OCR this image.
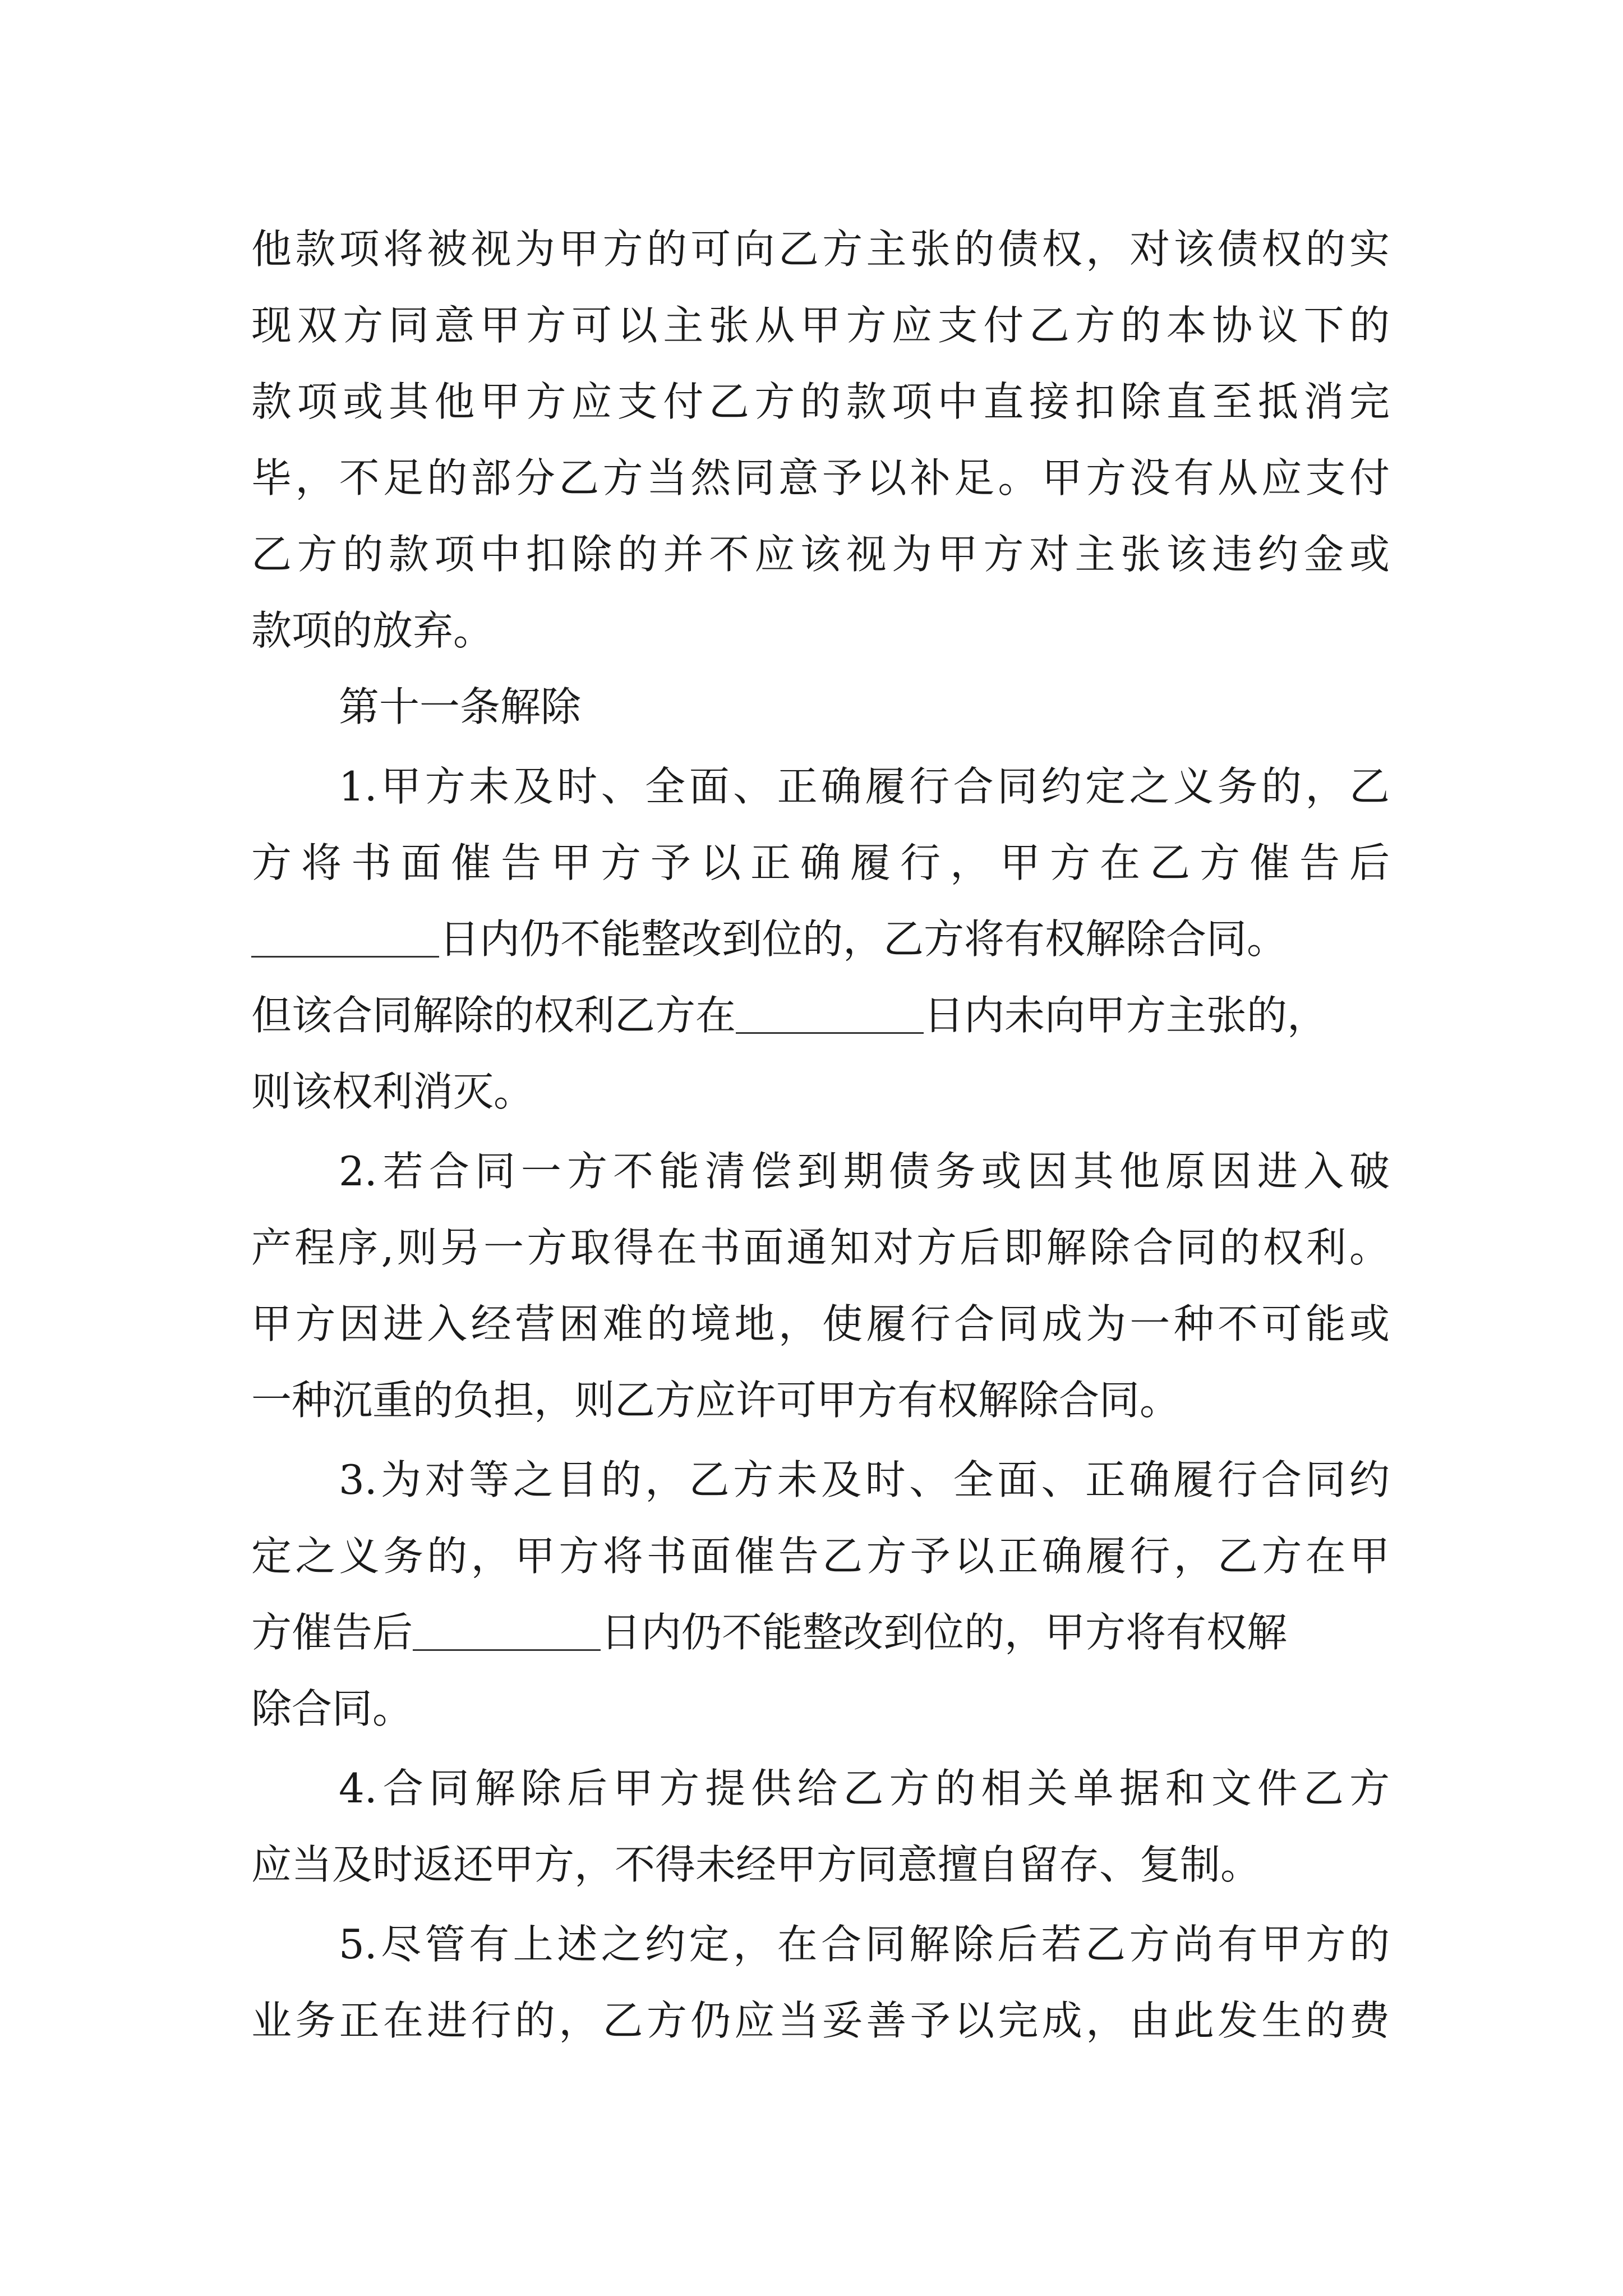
他款项将被视为甲方的可向乙方主张的债权，对该债权的实
现双方同意甲方可以主张从甲方应支付乙方的本协议下的
款项或其他甲方应支付乙方的款项中直接扣除直至抵消完
毕，不足的部分乙方当然同意予以补足。甲方没有从应支付
乙方的款项中扣除的并不应该视为甲方对主张该违约金或
款项的放弃。
第十一条解除
1.甲方未及时、全面、正确履行合同约定之义务的，乙
方将书面催告甲方予以正确履行，甲方在乙方催告后
日内仍不能整改到位的，乙方将有权解除合同。
但该合同解除的权利乙方在	日内未向甲方主张的，
则该权利消灭。
2.若合同一方不能清偿到期债务或因其他原因进入破
产程序,则另一方取得在书面通知对方后即解除合同的权利。
甲方因进入经营困难的境地，使履行合同成为一种不可能或
一种沉重的负担，则乙方应许可甲方有权解除合同。
3.为对等之目的，乙方未及时、全面、正确履行合同约
定之义务的，甲方将书面催告乙方予以正确履行，乙方在甲
方催告后	日内仍不能整改到位的，甲方将有权解
除合同。
4.合同解除后甲方提供给乙方的相关单据和文件乙方
应当及时返还甲方，不得未经甲方同意擅自留存、复制。
5.尽管有上述之约定，在合同解除后若乙方尚有甲方的
业务正在进行的，乙方仍应当妥善予以完成，由此发生的费
